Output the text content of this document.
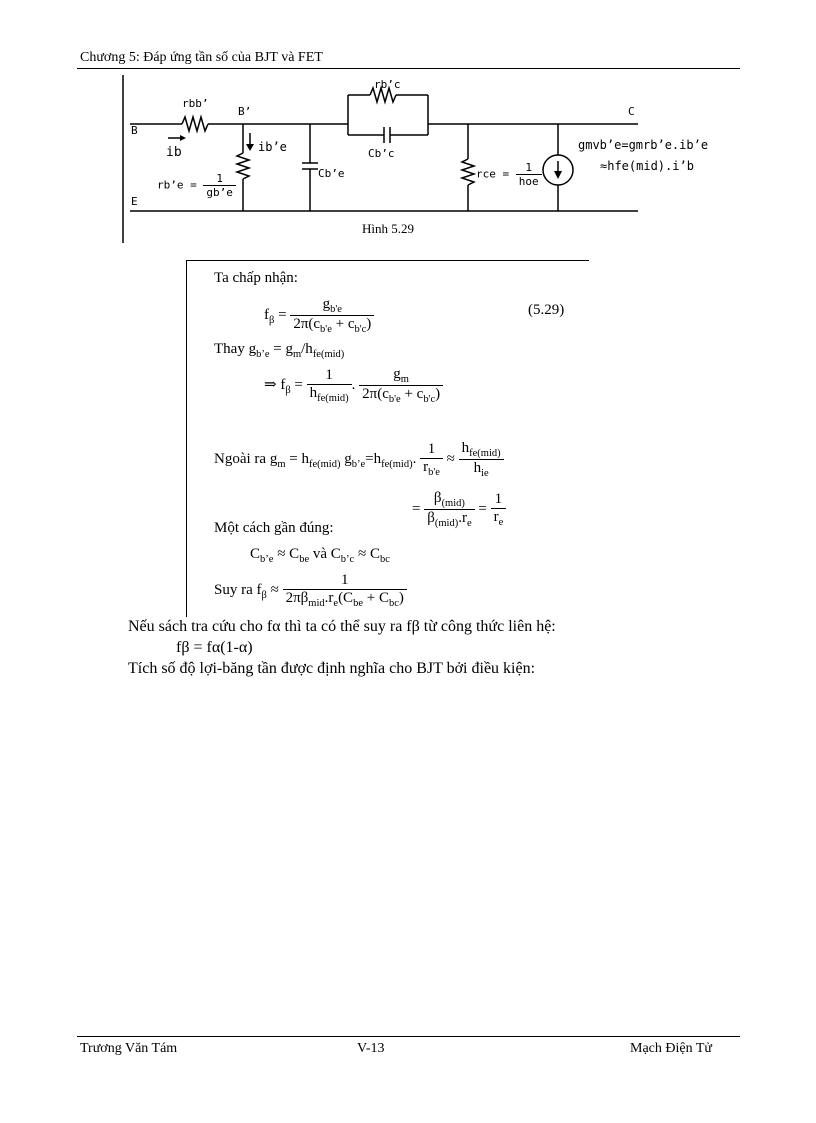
Chương 5: Đáp ứng tần số của BJT và FET
B
E
C
B’
rbb’
ib	ib’e
rb’e = $\frac{1}{gb’e}$
rb’c
Cb’c
Cb’e	rce = $\frac{1}{\text{hoe}}$
gmvb’e=gmrb’e.ib’e
≈hfe(mid).i’b
Hình 5.29
Ta chấp nhận:
$f_\beta = \frac{g_{b'e}}{2\pi(c_{b'e} + c_{b'c})}$	(5.29)
Thay $g_{b’e} = g_m/h_{fe(mid)}$
⇒ $f_\beta = \frac{1}{h_{fe(mid)}}$ . $\frac{g_m}{2\pi(c_{b'e} + c_{b'c})}$
Ngoài ra $g_m = h_{fe(mid)}$ $g_{b’e}=h_{fe(mid)}$. $\frac{1}{r_{b'e}} \approx \frac{h_{fe(mid)}}{h_{ie}}$
= $\frac{\beta_{(mid)}}{\beta_{(mid)}.r_e} = \frac{1}{r_e}$
Một cách gần đúng:
$C_{b’e} \approx C_{be}$ và $C_{b’c} \approx C_{bc}$
Suy ra $f_\beta \approx \frac{1}{2\pi\beta_{mid}.r_e(C_{be} + C_{bc})}$
Nếu sách tra cứu cho fα thì ta có thể suy ra fβ từ công thức liên hệ:
fβ = fα(1-α)
Tích số độ lợi-băng tần được định nghĩa cho BJT bởi điều kiện:
Trương Văn Tám	V-13	Mạch Điện Tử
